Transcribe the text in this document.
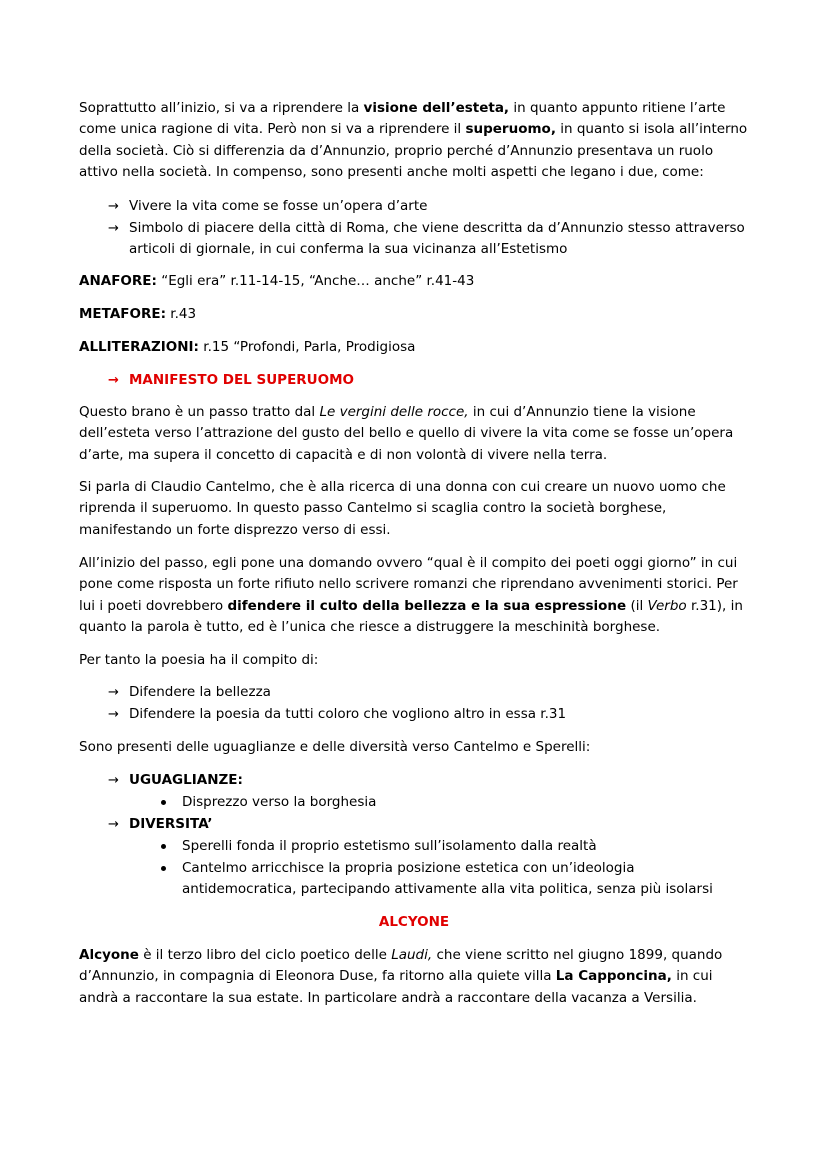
Soprattutto all’inizio, si va a riprendere la visione dell’esteta, in quanto appunto ritiene l’arte come unica ragione di vita. Però non si va a riprendere il superuomo, in quanto si isola all’interno della società. Ciò si differenzia da d’Annunzio, proprio perché d’Annunzio presentava un ruolo attivo nella società. In compenso, sono presenti anche molti aspetti che legano i due, come:

→ Vivere la vita come se fosse un’opera d’arte

→ Simbolo di piacere della città di Roma, che viene descritta da d’Annunzio stesso attraverso articoli di giornale, in cui conferma la sua vicinanza all’Estetismo

ANAFORE: “Egli era” r.11-14-15, “Anche… anche” r.41-43

METAFORE: r.43

ALLITERAZIONI: r.15 “Profondi, Parla, Prodigiosa

→ MANIFESTO DEL SUPERUOMO

Questo brano è un passo tratto dal Le vergini delle rocce, in cui d’Annunzio tiene la visione dell’esteta verso l’attrazione del gusto del bello e quello di vivere la vita come se fosse un’opera d’arte, ma supera il concetto di capacità e di non volontà di vivere nella terra.

Si parla di Claudio Cantelmo, che è alla ricerca di una donna con cui creare un nuovo uomo che riprenda il superuomo. In questo passo Cantelmo si scaglia contro la società borghese, manifestando un forte disprezzo verso di essi.

All’inizio del passo, egli pone una domando ovvero “qual è il compito dei poeti oggi giorno” in cui pone come risposta un forte rifiuto nello scrivere romanzi che riprendano avvenimenti storici. Per lui i poeti dovrebbero difendere il culto della bellezza e la sua espressione (il Verbo r.31), in quanto la parola è tutto, ed è l’unica che riesce a distruggere la meschinità borghese.

Per tanto la poesia ha il compito di:

→ Difendere la bellezza

→ Difendere la poesia da tutti coloro che vogliono altro in essa r.31

Sono presenti delle uguaglianze e delle diversità verso Cantelmo e Sperelli:

→ UGUAGLIANZE:

Disprezzo verso la borghesia

→ DIVERSITA’

Sperelli fonda il proprio estetismo sull’isolamento dalla realtà

Cantelmo arricchisce la propria posizione estetica con un’ideologia antidemocratica, partecipando attivamente alla vita politica, senza più isolarsi

ALCYONE

Alcyone è il terzo libro del ciclo poetico delle Laudi, che viene scritto nel giugno 1899, quando d’Annunzio, in compagnia di Eleonora Duse, fa ritorno alla quiete villa La Capponcina, in cui andrà a raccontare la sua estate. In particolare andrà a raccontare della vacanza a Versilia.
